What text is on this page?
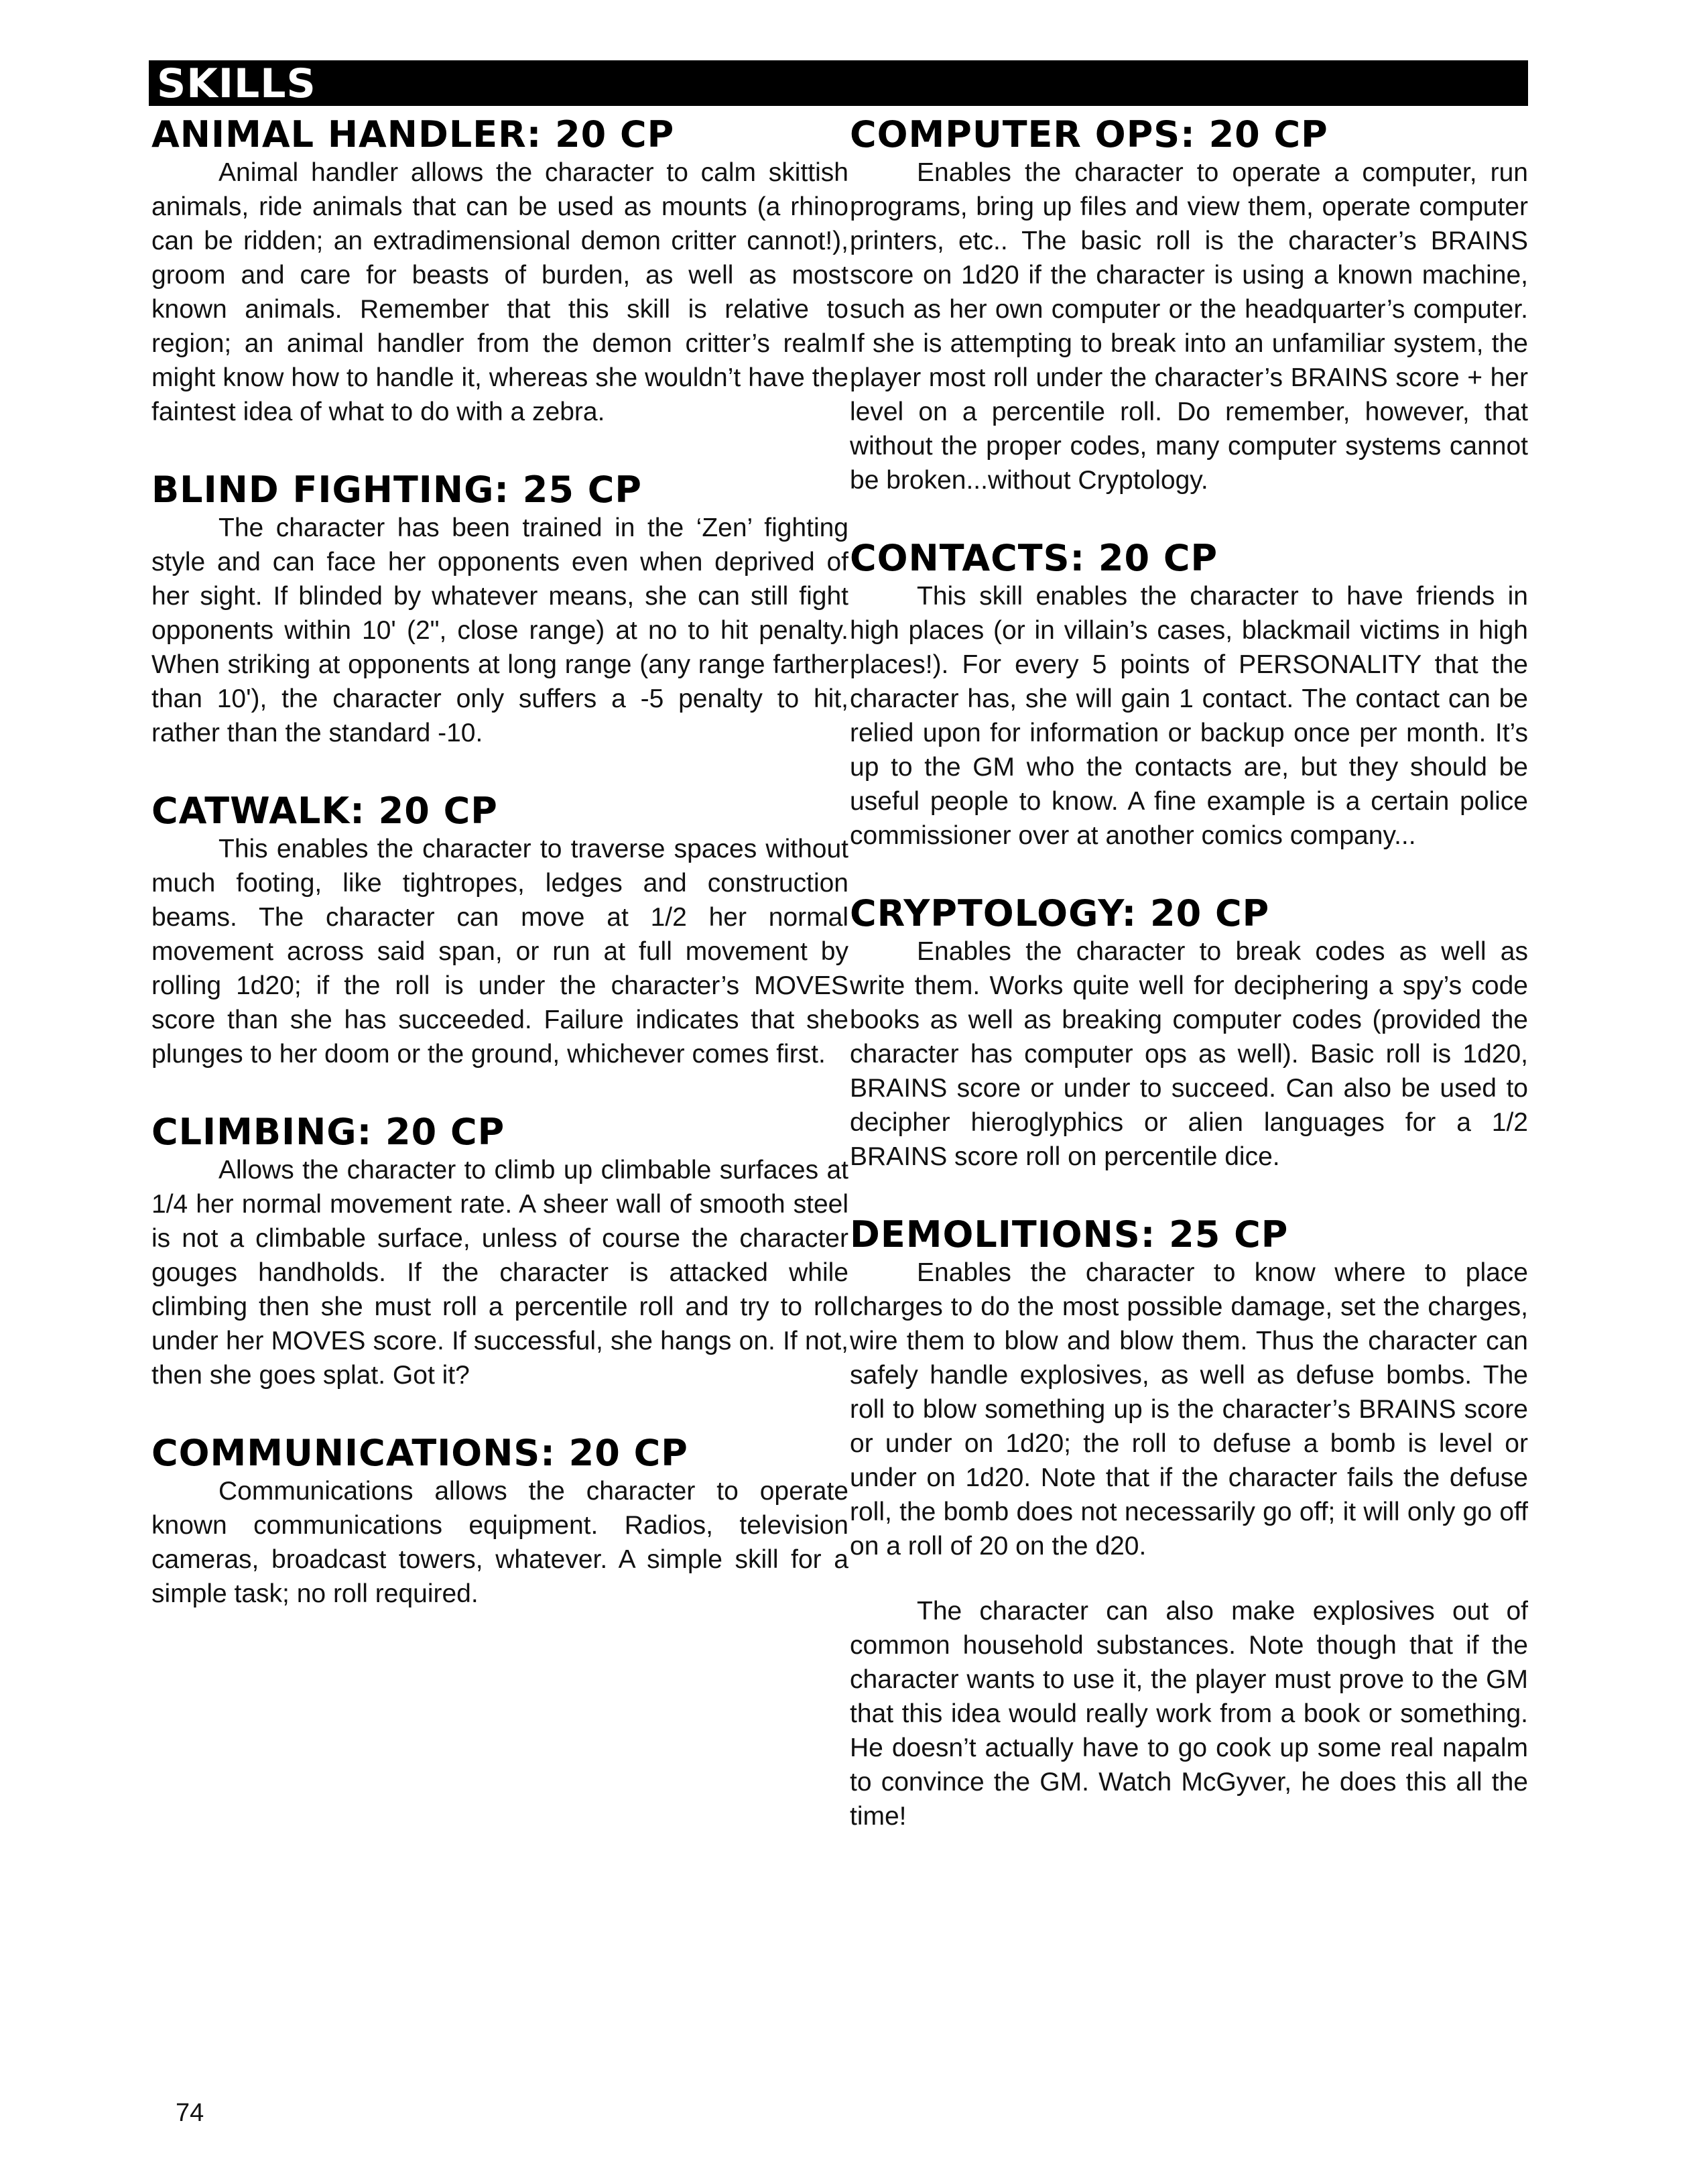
SKILLS
ANIMAL HANDLER: 20 CP

Animal handler allows the character to calm skittish animals, ride animals that can be used as mounts (a rhino can be ridden; an extradimensional demon critter cannot!), groom and care for beasts of burden, as well as most known animals. Remember that this skill is relative to region; an animal handler from the demon critter’s realm might know how to handle it, whereas she wouldn’t have the faintest idea of what to do with a zebra.

BLIND FIGHTING: 25 CP

The character has been trained in the ‘Zen’ fighting style and can face her opponents even when deprived of her sight. If blinded by whatever means, she can still fight opponents within 10' (2", close range) at no to hit penalty. When striking at opponents at long range (any range farther than 10'), the character only suffers a -5 penalty to hit, rather than the standard -10.

CATWALK: 20 CP

This enables the character to traverse spaces without much footing, like tightropes, ledges and construction beams. The character can move at 1/2 her normal movement across said span, or run at full movement by rolling 1d20; if the roll is under the character’s MOVES score than she has succeeded. Failure indicates that she plunges to her doom or the ground, whichever comes first.

CLIMBING: 20 CP

Allows the character to climb up climbable surfaces at 1/4 her normal movement rate. A sheer wall of smooth steel is not a climbable surface, unless of course the character gouges handholds. If the character is attacked while climbing then she must roll a percentile roll and try to roll under her MOVES score. If successful, she hangs on. If not, then she goes splat. Got it?

COMMUNICATIONS: 20 CP

Communications allows the character to operate known communications equipment. Radios, television cameras, broadcast towers, whatever. A simple skill for a simple task; no roll required.

COMPUTER OPS: 20 CP

Enables the character to operate a computer, run programs, bring up files and view them, operate computer printers, etc.. The basic roll is the character’s BRAINS score on 1d20 if the character is using a known machine, such as her own computer or the headquarter’s computer. If she is attempting to break into an unfamiliar system, the player most roll under the character’s BRAINS score + her level on a percentile roll. Do remember, however, that without the proper codes, many computer systems cannot be broken...without Cryptology.

CONTACTS: 20 CP

This skill enables the character to have friends in high places (or in villain’s cases, blackmail victims in high places!). For every 5 points of PERSONALITY that the character has, she will gain 1 contact. The contact can be relied upon for information or backup once per month. It’s up to the GM who the contacts are, but they should be useful people to know. A fine example is a certain police commissioner over at another comics company...

CRYPTOLOGY: 20 CP

Enables the character to break codes as well as write them. Works quite well for deciphering a spy’s code books as well as breaking computer codes (provided the character has computer ops as well). Basic roll is 1d20, BRAINS score or under to succeed. Can also be used to decipher hieroglyphics or alien languages for a 1/2 BRAINS score roll on percentile dice.

DEMOLITIONS: 25 CP

Enables the character to know where to place charges to do the most possible damage, set the charges, wire them to blow and blow them. Thus the character can safely handle explosives, as well as defuse bombs. The roll to blow something up is the character’s BRAINS score or under on 1d20; the roll to defuse a bomb is level or under on 1d20. Note that if the character fails the defuse roll, the bomb does not necessarily go off; it will only go off on a roll of 20 on the d20.

The character can also make explosives out of common household substances. Note though that if the character wants to use it, the player must prove to the GM that this idea would really work from a book or something. He doesn’t actually have to go cook up some real napalm to convince the GM. Watch McGyver, he does this all the time!

74
